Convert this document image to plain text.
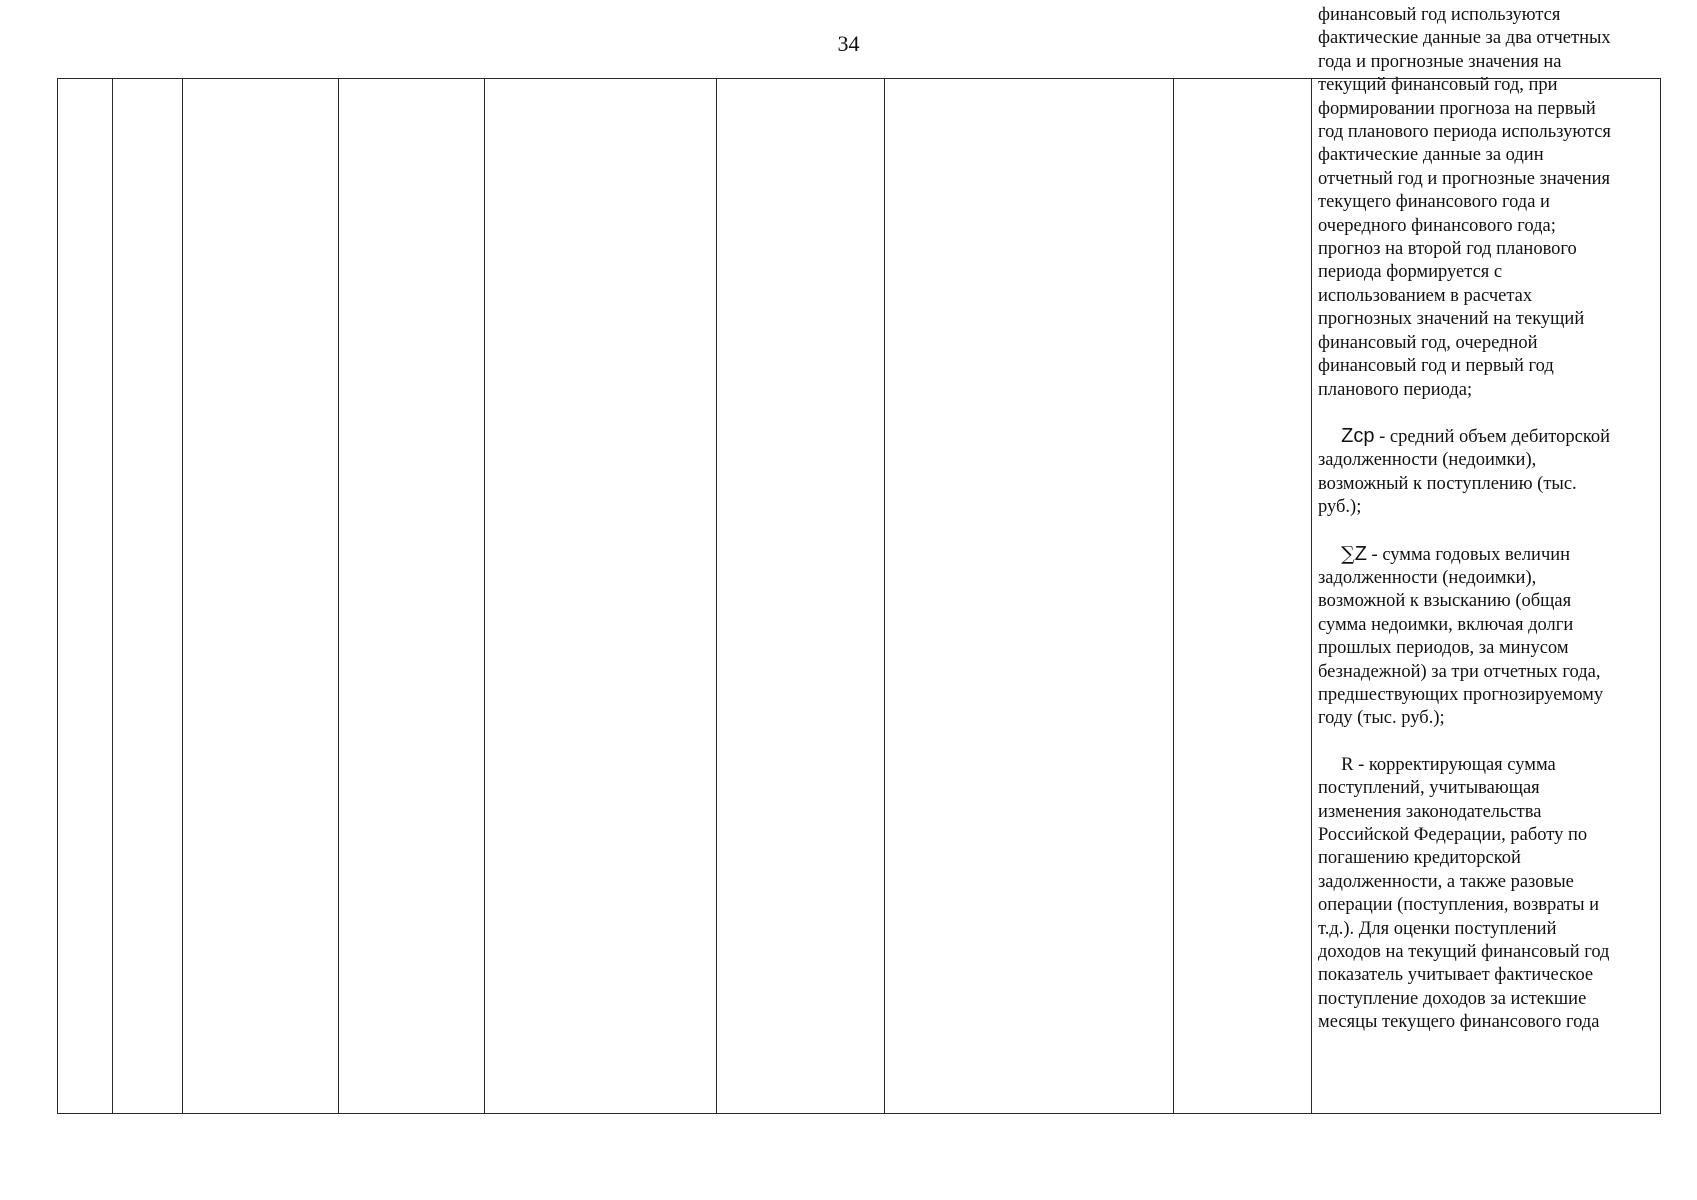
34

финансовый год используются
фактические данные за два отчетных
года и прогнозные значения на
текущий финансовый год, при
формировании прогноза на первый
год планового периода используются
фактические данные за один
отчетный год и прогнозные значения
текущего финансового года и
очередного финансового года;
прогноз на второй год планового
периода формируется с
использованием в расчетах
прогнозных значений на текущий
финансовый год, очередной
финансовый год и первый год
планового периода;

Zср - средний объем дебиторской
задолженности (недоимки),
возможный к поступлению (тыс.
руб.);

∑Z - сумма годовых величин
задолженности (недоимки),
возможной к взысканию (общая
сумма недоимки, включая долги
прошлых периодов, за минусом
безнадежной) за три отчетных года,
предшествующих прогнозируемому
году (тыс. руб.);

R - корректирующая сумма
поступлений, учитывающая
изменения законодательства
Российской Федерации, работу по
погашению кредиторской
задолженности, а также разовые
операции (поступления, возвраты и
т.д.). Для оценки поступлений
доходов на текущий финансовый год
показатель учитывает фактическое
поступление доходов за истекшие
месяцы текущего финансового года
